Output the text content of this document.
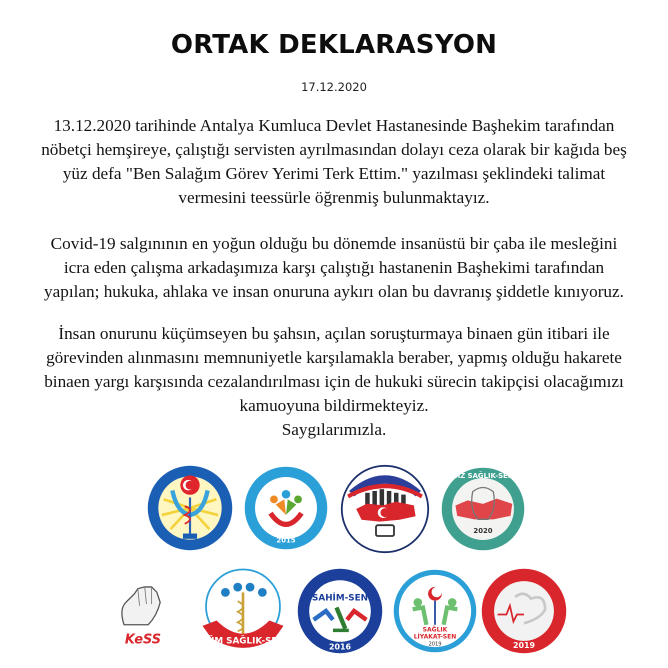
ORTAK DEKLARASYON
17.12.2020
13.12.2020 tarihinde Antalya Kumluca Devlet Hastanesinde Başhekim tarafından
nöbetçi hemşireye, çalıştığı servisten ayrılmasından dolayı ceza olarak bir kağıda beş
yüz defa "Ben Salağım Görev Yerimi Terk Ettim." yazılması şeklindeki talimat
vermesini teessürle öğrenmiş bulunmaktayız.
Covid-19 salgınının en yoğun olduğu bu dönemde insanüstü bir çaba ile mesleğini
icra eden çalışma arkadaşımıza karşı çalıştığı hastanenin Başhekimi tarafından
yapılan; hukuka, ahlaka ve insan onuruna aykırı olan bu davranış şiddetle kınıyoruz.
İnsan onurunu küçümseyen bu şahsın, açılan soruşturmaya binaen gün itibari ile
görevinden alınmasını memnuniyetle karşılamakla beraber, yapmış olduğu hakarete
binaen yargı karşısında cezalandırılması için de hukuki sürecin takipçisi olacağımızı
kamuoyuna bildirmekteyiz.
Saygılarımızla.
2015
2020
BİZ SAĞLIK-SEN
KeSS	TÜM SAĞLIK-SEN
SAHİM-SEN
2016
SAĞLIK
LİYAKAT-SEN
2019	2019
